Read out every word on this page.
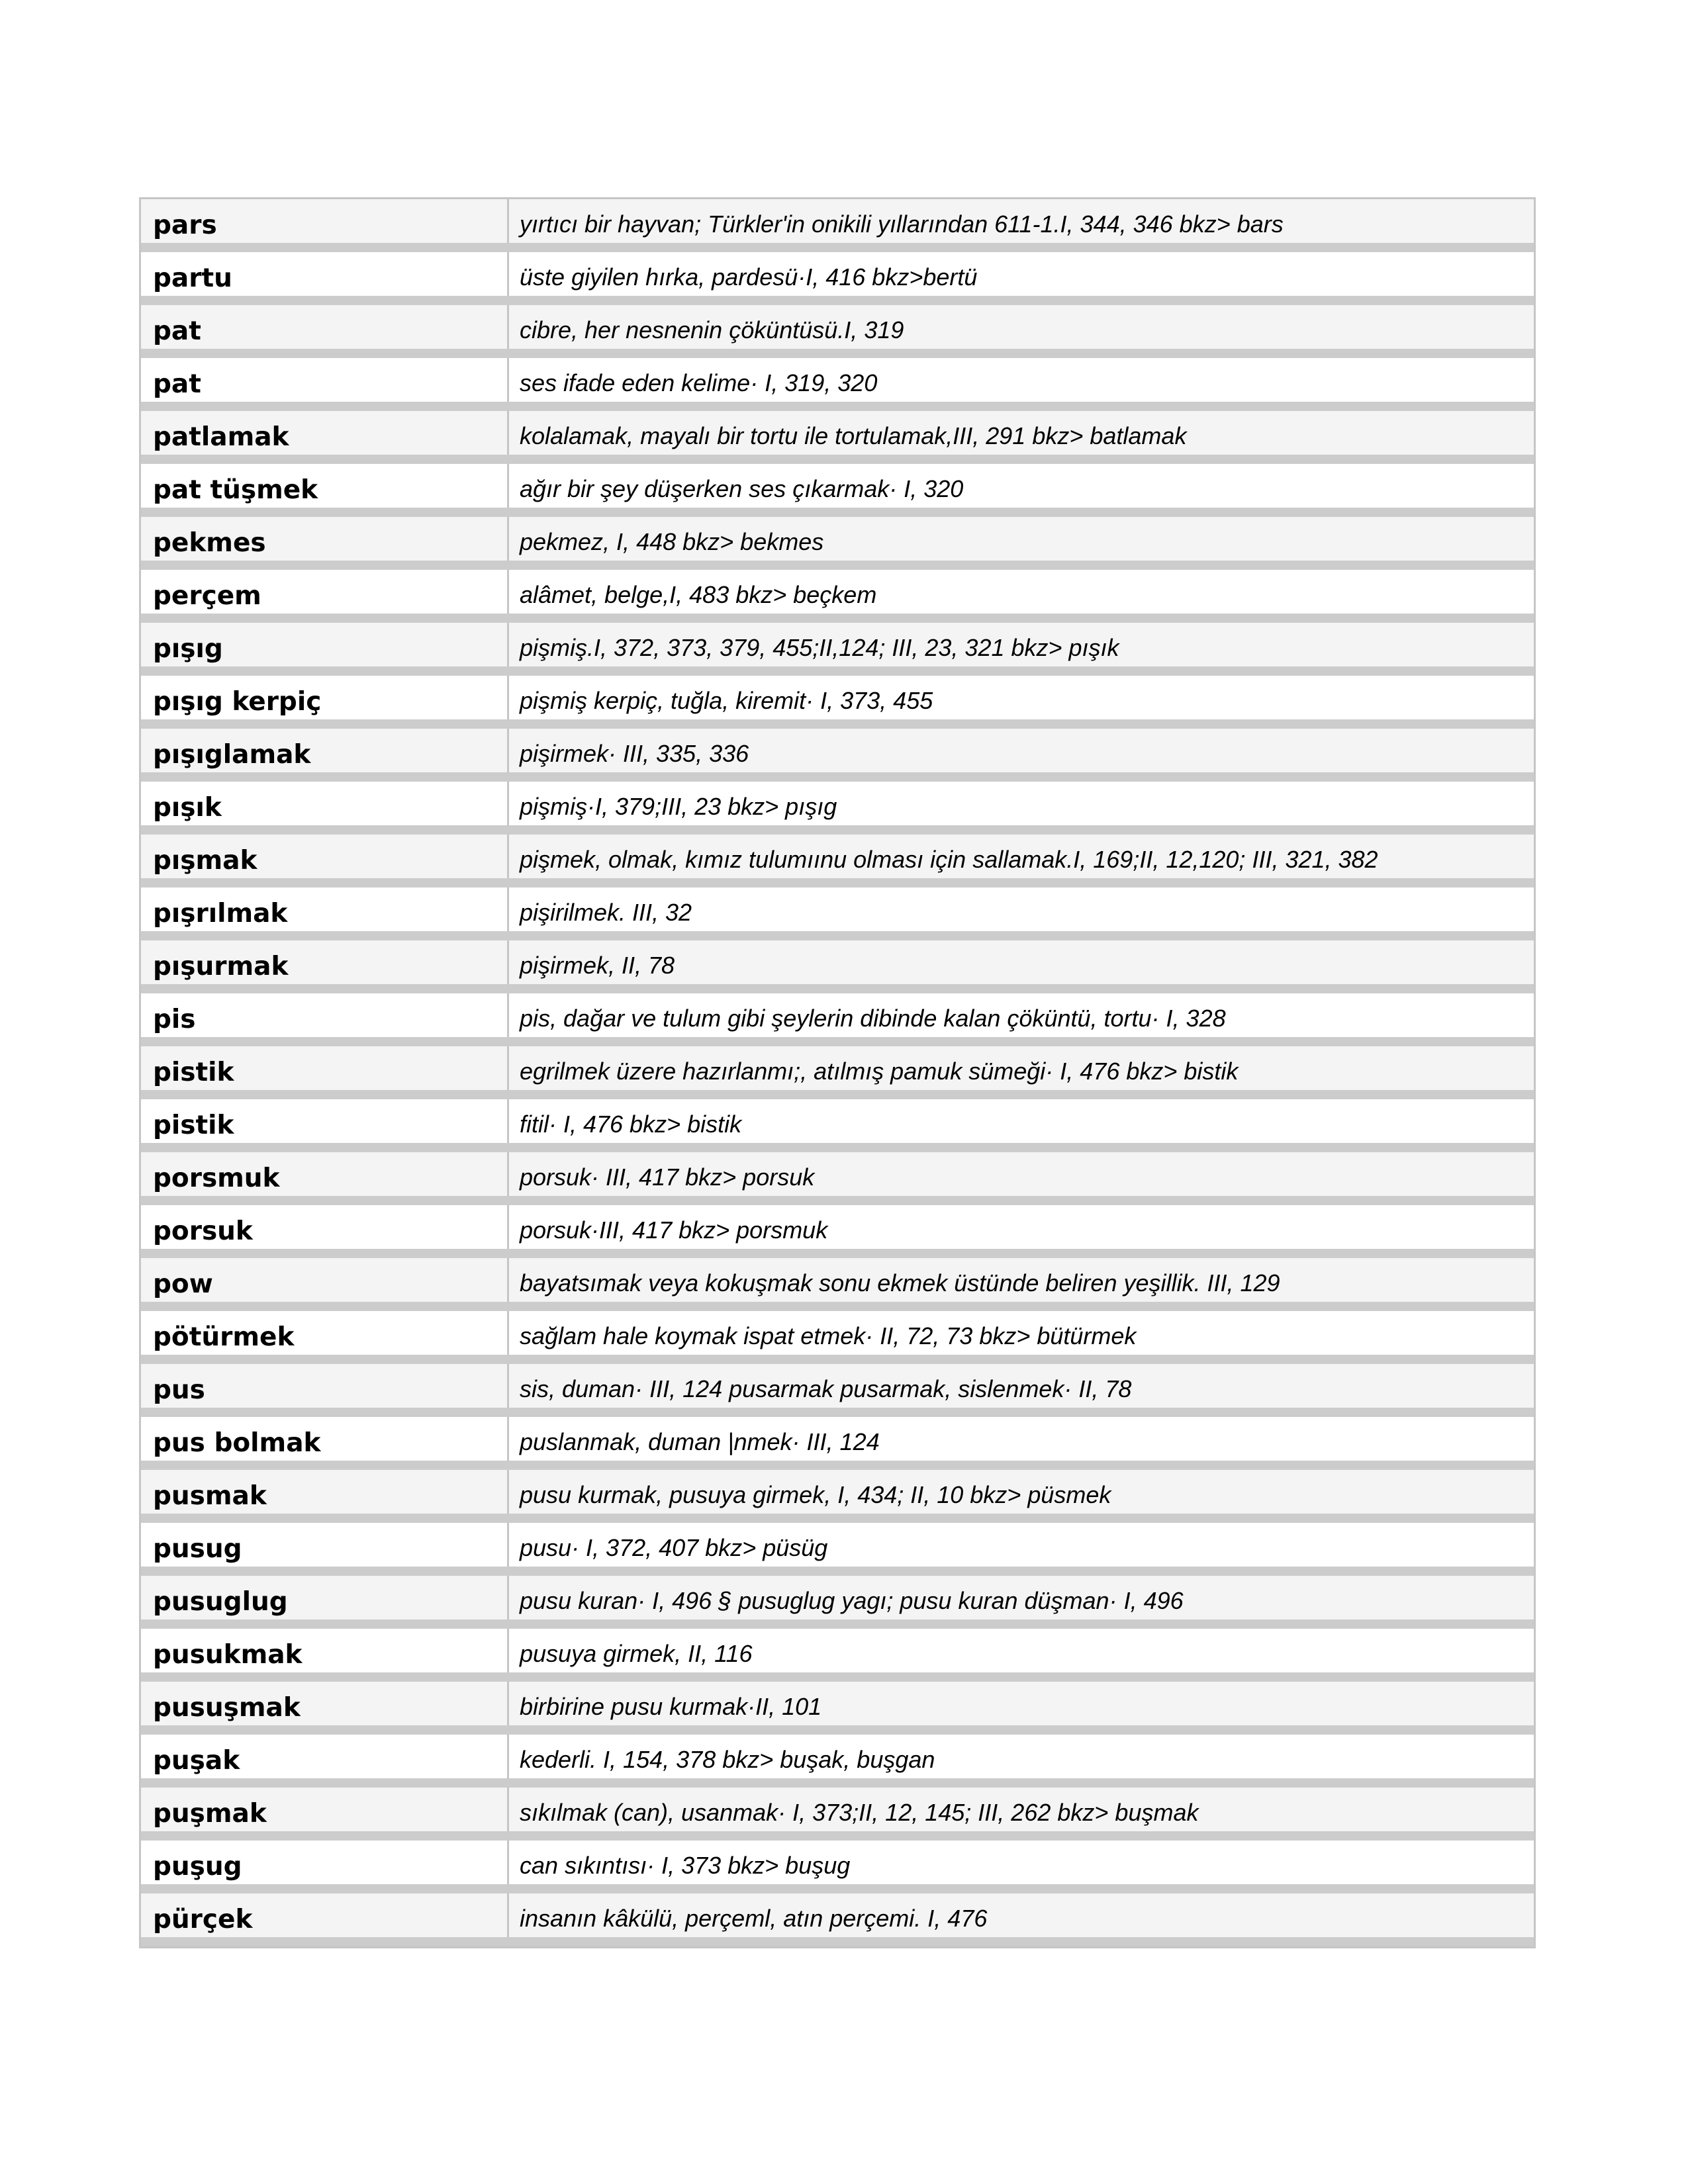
pars	yırtıcı bir hayvan; Türkler'in onikili yıllarından 611-1.I, 344, 346 bkz> bars
partu	üste giyilen hırka, pardesü·I, 416 bkz>bertü
pat	cibre, her nesnenin çöküntüsü.I, 319
pat	ses ifade eden kelime· I, 319, 320
patlamak	kolalamak, mayalı bir tortu ile tortulamak,III, 291 bkz> batlamak
pat tüşmek	ağır bir şey düşerken ses çıkarmak· I, 320
pekmes	pekmez, I, 448 bkz> bekmes
perçem	alâmet, belge,I, 483 bkz> beçkem
pışıg	pişmiş.I, 372, 373, 379, 455;II,124; III, 23, 321 bkz> pışık
pışıg kerpiç	pişmiş kerpiç, tuğla, kiremit· I, 373, 455
pışıglamak	pişirmek· III, 335, 336
pışık	pişmiş·I, 379;III, 23 bkz> pışıg
pışmak	pişmek, olmak, kımız tulumıınu olması için sallamak.I, 169;II, 12,120; III, 321, 382
pışrılmak	pişirilmek. III, 32
pışurmak	pişirmek, II, 78
pis	pis, dağar ve tulum gibi şeylerin dibinde kalan çöküntü, tortu· I, 328
pistik	egrilmek üzere hazırlanmı;, atılmış pamuk sümeği· I, 476 bkz> bistik
pistik	fitil· I, 476 bkz> bistik
porsmuk	porsuk· III, 417 bkz> porsuk
porsuk	porsuk·III, 417 bkz> porsmuk
pow	bayatsımak veya kokuşmak sonu ekmek üstünde beliren yeşillik. III, 129
pötürmek	sağlam hale koymak ispat etmek· II, 72, 73 bkz> bütürmek
pus	sis, duman· III, 124 pusarmak pusarmak, sislenmek· II, 78
pus bolmak	puslanmak, duman |nmek· III, 124
pusmak	pusu kurmak, pusuya girmek, I, 434; II, 10 bkz> püsmek
pusug	pusu· I, 372, 407 bkz> püsüg
pusuglug	pusu kuran· I, 496 § pusuglug yagı; pusu kuran düşman· I, 496
pusukmak	pusuya girmek, II, 116
pusuşmak	birbirine pusu kurmak·II, 101
puşak	kederli. I, 154, 378 bkz> buşak, buşgan
puşmak	sıkılmak (can), usanmak· I, 373;II, 12, 145; III, 262 bkz> buşmak
puşug	can sıkıntısı· I, 373 bkz> buşug
pürçek	insanın kâkülü, perçeml, atın perçemi. I, 476
